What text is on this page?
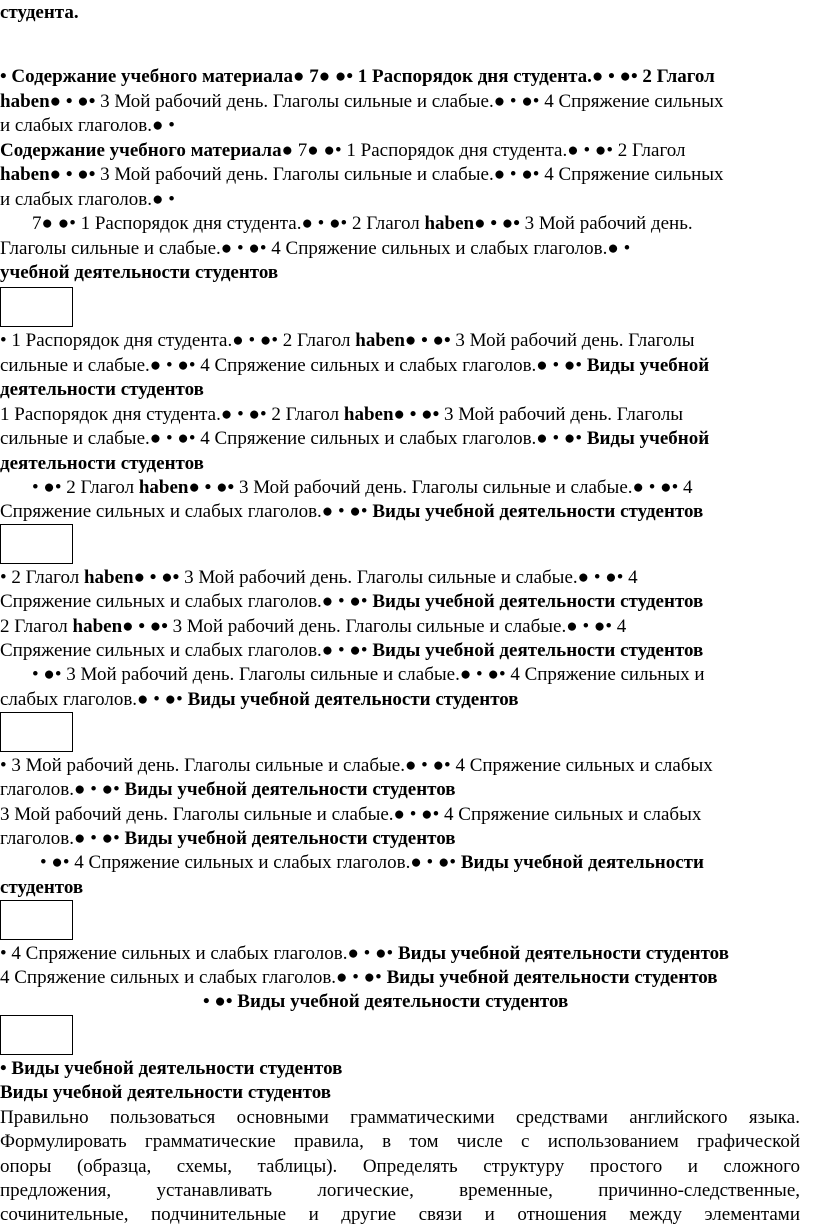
студента.
• Содержание учебного материала● 7● ●• 1 Распорядок дня студента.● • ●• 2 Глагол
haben● • ●• 3 Мой рабочий день. Глаголы сильные и слабые.● • ●• 4 Спряжение сильных
и слабых глаголов.● •
Содержание учебного материала● 7● ●• 1 Распорядок дня студента.● • ●• 2 Глагол
haben● • ●• 3 Мой рабочий день. Глаголы сильные и слабые.● • ●• 4 Спряжение сильных
и слабых глаголов.● •
7● ●• 1 Распорядок дня студента.● • ●• 2 Глагол haben● • ●• 3 Мой рабочий день.
Глаголы сильные и слабые.● • ●• 4 Спряжение сильных и слабых глаголов.● •
учебной деятельности студентов
• 1 Распорядок дня студента.● • ●• 2 Глагол haben● • ●• 3 Мой рабочий день. Глаголы
сильные и слабые.● • ●• 4 Спряжение сильных и слабых глаголов.● • ●• Виды учебной
деятельности студентов
1 Распорядок дня студента.● • ●• 2 Глагол haben● • ●• 3 Мой рабочий день. Глаголы
сильные и слабые.● • ●• 4 Спряжение сильных и слабых глаголов.● • ●• Виды учебной
деятельности студентов
• ●• 2 Глагол haben● • ●• 3 Мой рабочий день. Глаголы сильные и слабые.● • ●• 4
Спряжение сильных и слабых глаголов.● • ●• Виды учебной деятельности студентов
• 2 Глагол haben● • ●• 3 Мой рабочий день. Глаголы сильные и слабые.● • ●• 4
Спряжение сильных и слабых глаголов.● • ●• Виды учебной деятельности студентов
2 Глагол haben● • ●• 3 Мой рабочий день. Глаголы сильные и слабые.● • ●• 4
Спряжение сильных и слабых глаголов.● • ●• Виды учебной деятельности студентов
• ●• 3 Мой рабочий день. Глаголы сильные и слабые.● • ●• 4 Спряжение сильных и
слабых глаголов.● • ●• Виды учебной деятельности студентов
• 3 Мой рабочий день. Глаголы сильные и слабые.● • ●• 4 Спряжение сильных и слабых
глаголов.● • ●• Виды учебной деятельности студентов
3 Мой рабочий день. Глаголы сильные и слабые.● • ●• 4 Спряжение сильных и слабых
глаголов.● • ●• Виды учебной деятельности студентов
• ●• 4 Спряжение сильных и слабых глаголов.● • ●• Виды учебной деятельности
студентов
• 4 Спряжение сильных и слабых глаголов.● • ●• Виды учебной деятельности студентов
4 Спряжение сильных и слабых глаголов.● • ●• Виды учебной деятельности студентов
• ●• Виды учебной деятельности студентов
• Виды учебной деятельности студентов
Виды учебной деятельности студентов
Правильно пользоваться основными грамматическими средствами английского языка.
Формулировать грамматические правила, в том числе с использованием графической
опоры (образца, схемы, таблицы). Определять структуру простого и сложного
предложения, устанавливать логические, временные, причинно-следственные,
сочинительные, подчинительные и другие связи и отношения между элементами
